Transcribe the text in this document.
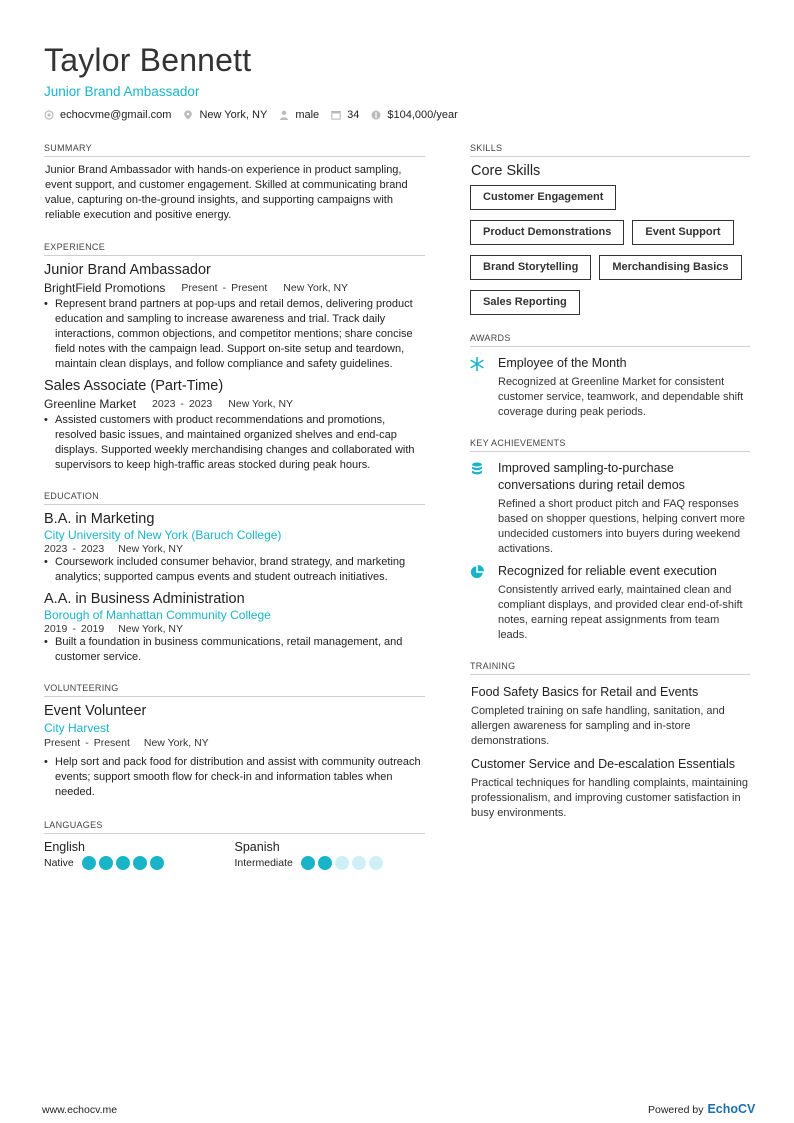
Taylor Bennett
Junior Brand Ambassador
echocvme@gmail.com	New York, NY	male	34	$104,000/year
SUMMARY

Junior Brand Ambassador with hands-on experience in product sampling, event support, and customer engagement. Skilled at communicating brand value, capturing on-the-ground insights, and supporting campaigns with reliable execution and positive energy.

EXPERIENCE
Junior Brand Ambassador
BrightField Promotions Present - Present New York, NY
• Represent brand partners at pop-ups and retail demos, delivering product education and sampling to increase awareness and trial. Track daily interactions, common objections, and competitor mentions; share concise field notes with the campaign lead. Support on-site setup and teardown, maintain clean displays, and follow compliance and safety guidelines.
Sales Associate (Part-Time)
Greenline Market 2023 - 2023 New York, NY
• Assisted customers with product recommendations and promotions, resolved basic issues, and maintained organized shelves and end-cap displays. Supported weekly merchandising changes and collaborated with supervisors to keep high-traffic areas stocked during peak hours.
EDUCATION
B.A. in Marketing
City University of New York (Baruch College)
2023 - 2023 New York, NY
• Coursework included consumer behavior, brand strategy, and marketing analytics; supported campus events and student outreach initiatives.
A.A. in Business Administration
Borough of Manhattan Community College
2019 - 2019 New York, NY
• Built a foundation in business communications, retail management, and customer service.
VOLUNTEERING
Event Volunteer
City Harvest
Present - Present New York, NY
• Help sort and pack food for distribution and assist with community outreach events; support smooth flow for check-in and information tables when needed.
LANGUAGES
English
Native
Spanish
Intermediate
SKILLS
Core Skills
Customer Engagement
Product Demonstrations	Event Support
Brand Storytelling	Merchandising Basics
Sales Reporting
AWARDS
Employee of the Month
Recognized at Greenline Market for consistent customer service, teamwork, and dependable shift coverage during peak periods.
KEY ACHIEVEMENTS
Improved sampling-to-purchase conversations during retail demos
Refined a short product pitch and FAQ responses based on shopper questions, helping convert more undecided customers into buyers during weekend activations.
Recognized for reliable event execution
Consistently arrived early, maintained clean and compliant displays, and provided clear end-of-shift notes, earning repeat assignments from team leads.
TRAINING
Food Safety Basics for Retail and Events
Completed training on safe handling, sanitation, and allergen awareness for sampling and in-store demonstrations.
Customer Service and De-escalation Essentials
Practical techniques for handling complaints, maintaining professionalism, and improving customer satisfaction in busy environments.
www.echocv.me	Powered by EchoCV
